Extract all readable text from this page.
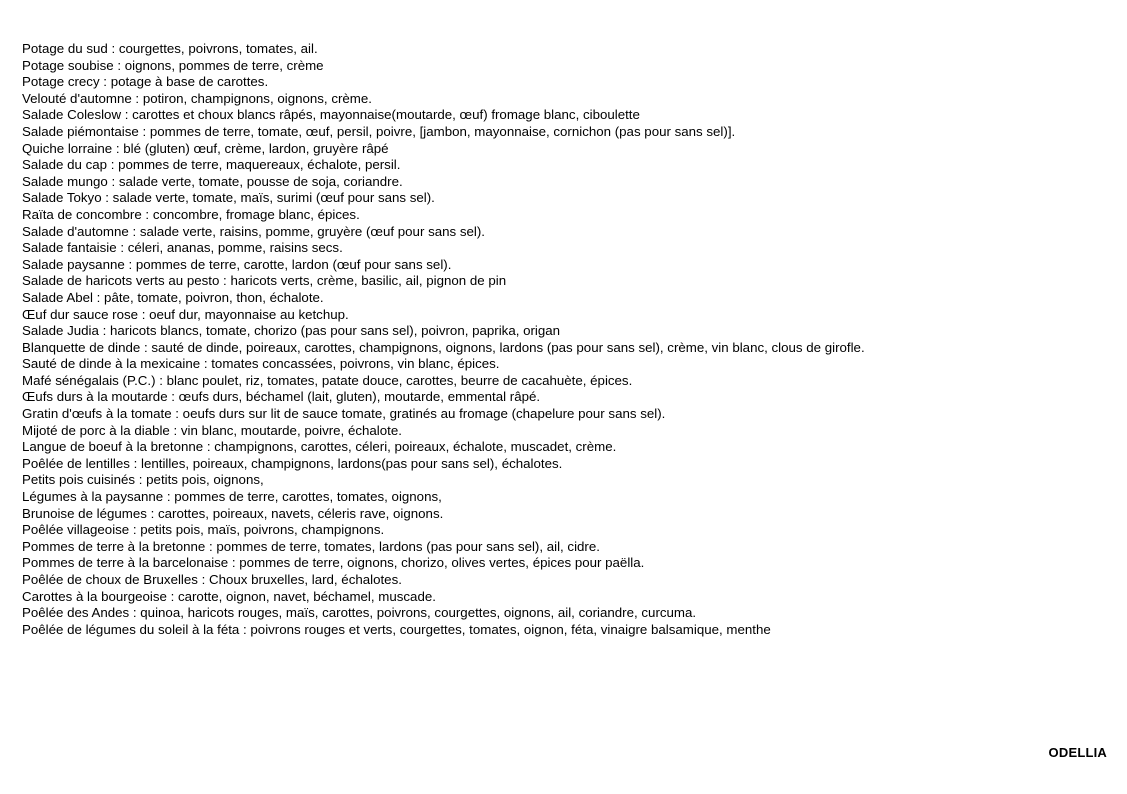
Potage du sud : courgettes, poivrons, tomates, ail.
Potage soubise : oignons, pommes de terre, crème
Potage crecy : potage à base de carottes.
Velouté d'automne : potiron, champignons, oignons, crème.
Salade Coleslow : carottes et choux blancs râpés, mayonnaise(moutarde, œuf) fromage blanc, ciboulette
Salade piémontaise : pommes de terre, tomate, œuf, persil, poivre, [jambon, mayonnaise, cornichon (pas pour sans sel)].
Quiche lorraine : blé (gluten) œuf, crème, lardon, gruyère râpé
Salade du cap : pommes de terre, maquereaux, échalote, persil.
Salade mungo : salade verte, tomate, pousse de soja, coriandre.
Salade Tokyo : salade verte, tomate, maïs, surimi (œuf pour sans sel).
Raïta de concombre : concombre, fromage blanc, épices.
Salade d'automne : salade verte, raisins, pomme, gruyère (œuf pour sans sel).
Salade fantaisie : céleri, ananas, pomme, raisins secs.
Salade paysanne : pommes de terre, carotte, lardon (œuf pour sans sel).
Salade de haricots verts au pesto : haricots verts, crème, basilic, ail, pignon de pin
Salade Abel : pâte, tomate, poivron, thon, échalote.
Œuf dur sauce rose : oeuf dur, mayonnaise au ketchup.
Salade Judia : haricots blancs, tomate, chorizo (pas pour sans sel), poivron, paprika, origan
Blanquette de dinde : sauté de dinde, poireaux, carottes, champignons, oignons, lardons (pas pour sans sel), crème, vin blanc, clous de girofle.
Sauté de dinde à la mexicaine : tomates concassées, poivrons, vin blanc, épices.
Mafé sénégalais (P.C.) : blanc poulet, riz, tomates, patate douce, carottes, beurre de cacahuète, épices.
Œufs durs à la moutarde : œufs durs, béchamel (lait, gluten), moutarde, emmental râpé.
Gratin d'œufs à la tomate : oeufs durs sur lit de sauce tomate, gratinés au fromage (chapelure pour sans sel).
Mijoté de porc à la diable : vin blanc, moutarde, poivre, échalote.
Langue de boeuf à la bretonne : champignons, carottes, céleri, poireaux, échalote, muscadet, crème.
Poêlée de lentilles : lentilles, poireaux, champignons, lardons(pas pour sans sel), échalotes.
Petits pois cuisinés : petits pois, oignons,
Légumes à la paysanne : pommes de terre, carottes, tomates, oignons,
Brunoise de légumes : carottes, poireaux, navets, céleris rave, oignons.
Poêlée villageoise : petits pois, maïs, poivrons, champignons.
Pommes de terre à la bretonne : pommes de terre, tomates, lardons (pas pour sans sel), ail, cidre.
Pommes de terre à la barcelonaise : pommes de terre, oignons, chorizo, olives vertes, épices pour paëlla.
Poêlée de choux de Bruxelles : Choux bruxelles, lard, échalotes.
Carottes à la bourgeoise : carotte, oignon, navet, béchamel, muscade.
Poêlée des Andes : quinoa, haricots rouges, maïs, carottes, poivrons, courgettes, oignons, ail, coriandre, curcuma.
Poêlée de légumes du soleil à la féta : poivrons rouges et verts, courgettes, tomates, oignon, féta, vinaigre balsamique, menthe
ODELLIA
